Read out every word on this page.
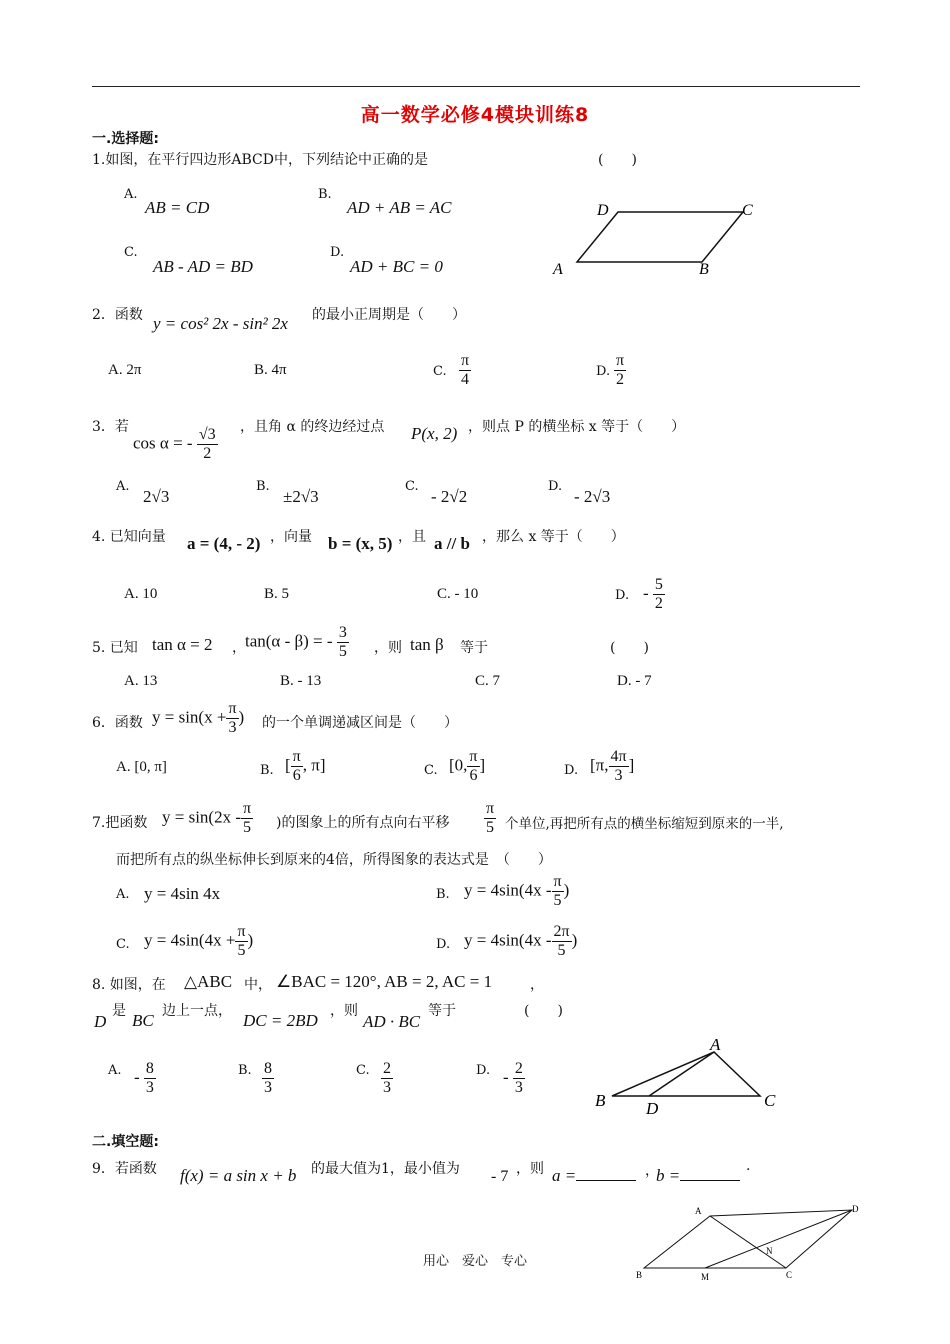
高一数学必修4模块训练8
一.选择题:
1.如图，在平行四边形ABCD中，下列结论中正确的是	(　　)
A.
AB = CD
B.
AD + AB = AC
C.
AB - AD = BD
D.
AD + BC = 0
D	C
A	B
2．函数 y = cos² 2x - sin² 2x 的最小正周期是（　　）
A. 2π	B. 4π	C. $\frac{\pi}{4}$	D. $\frac{\pi}{2}$
3．若
cos α = - $\frac{√3}{2}$ ，且角 α 的终边经过点 P(x, 2) ，则点 P 的横坐标 x 等于（　　）
A.
2√3
B.
±2√3
C.
- 2√2
D.
- 2√3
4. 已知向量 a = (4, - 2) ，向量 b = (x, 5) ，且 a // b ，那么 x 等于（　　）
A. 10	B. 5	C. - 10	D. - $\frac{5}{2}$
5. 已知 tan α = 2 ， tan(α - β) = - $\frac{3}{5}$ ，则 tan β 等于	(　　)
A. 13	B. - 13	C. 7	D. - 7
6．函数 $y = \sin(x + \frac{\pi}{3}$ ) 的一个单调递减区间是（　　）
A. [0, π]	B. [ $\frac{\pi}{6}$ , π]	C. [0, $\frac{\pi}{6}$ ]	D. [π, $\frac{4\pi}{3}$ ]
7.把函数 $y = \sin(2x - \frac{\pi}{5}$ )的图象上的所有点向右平移 $\frac{\pi}{5}$ 个单位,再把所有点的横坐标缩短到原来的一半,
而把所有点的纵坐标伸长到原来的4倍，所得图象的表达式是　（　　）
A. y = 4sin 4x	B. $y = 4\sin(4x - \frac{\pi}{5}$ )
C. $y = 4\sin(4x + \frac{\pi}{5}$ )	D. $y = 4\sin(4x - \frac{2\pi}{5}$ )
8. 如图，在 △ABC 中， ∠BAC = 120°, AB = 2, AC = 1	，
D
是 BC 边上一点， DC = 2BD ，则
AD · BC
等于	(　　)
A. - $\frac{8}{3}$	B. $\frac{8}{3}$	C. $\frac{2}{3}$	D. - $\frac{2}{3}$
A
B D	C
二.填空题:
9．若函数 f(x) = a sin x + b 的最大值为1，最小值为 - 7 ，则 a =	，
b =	.
A	D
B	M	C
N
用心　爱心　专心
